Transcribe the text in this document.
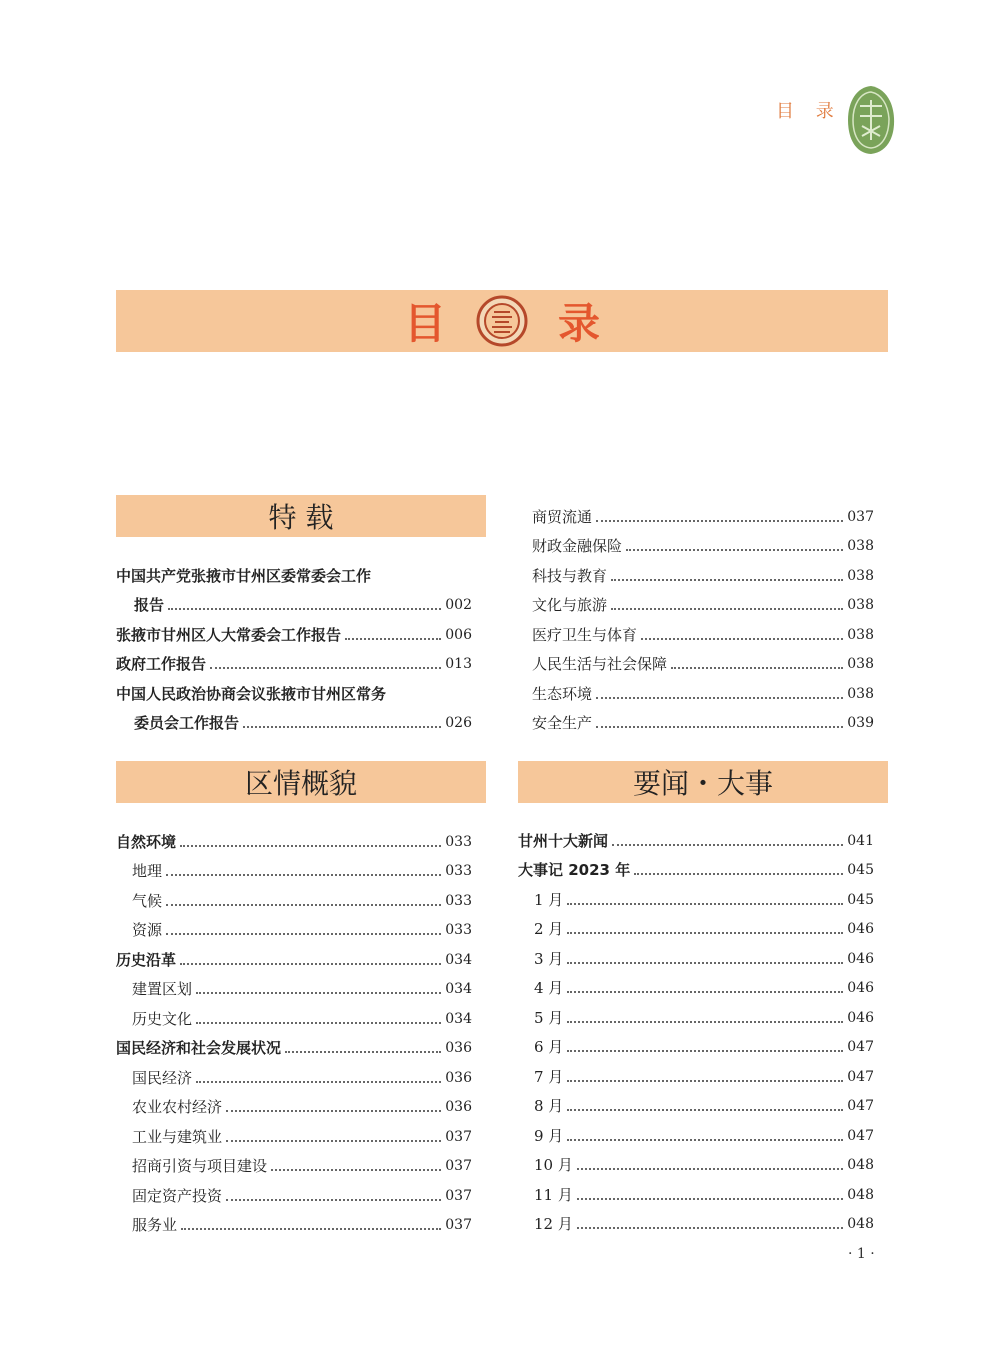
目 录
目	录
特 载
中国共产党张掖市甘州区委常委会工作
报告	002
张掖市甘州区人大常委会工作报告	006
政府工作报告	013
中国人民政治协商会议张掖市甘州区常务
委员会工作报告	026
商贸流通	037
财政金融保险	038
科技与教育	038
文化与旅游	038
医疗卫生与体育	038
人民生活与社会保障	038
生态环境	038
安全生产	039
区情概貌
自然环境	033
地理	033
气候	033
资源	033
历史沿革	034
建置区划	034
历史文化	034
国民经济和社会发展状况	036
国民经济	036
农业农村经济	036
工业与建筑业	037
招商引资与项目建设	037
固定资产投资	037
服务业	037
要闻・大事
甘州十大新闻	041
大事记 2023 年	045
1 月	045
2 月	046
3 月	046
4 月	046
5 月	046
6 月	047
7 月	047
8 月	047
9 月	047
10 月	048
11 月	048
12 月	048
· 1 ·
